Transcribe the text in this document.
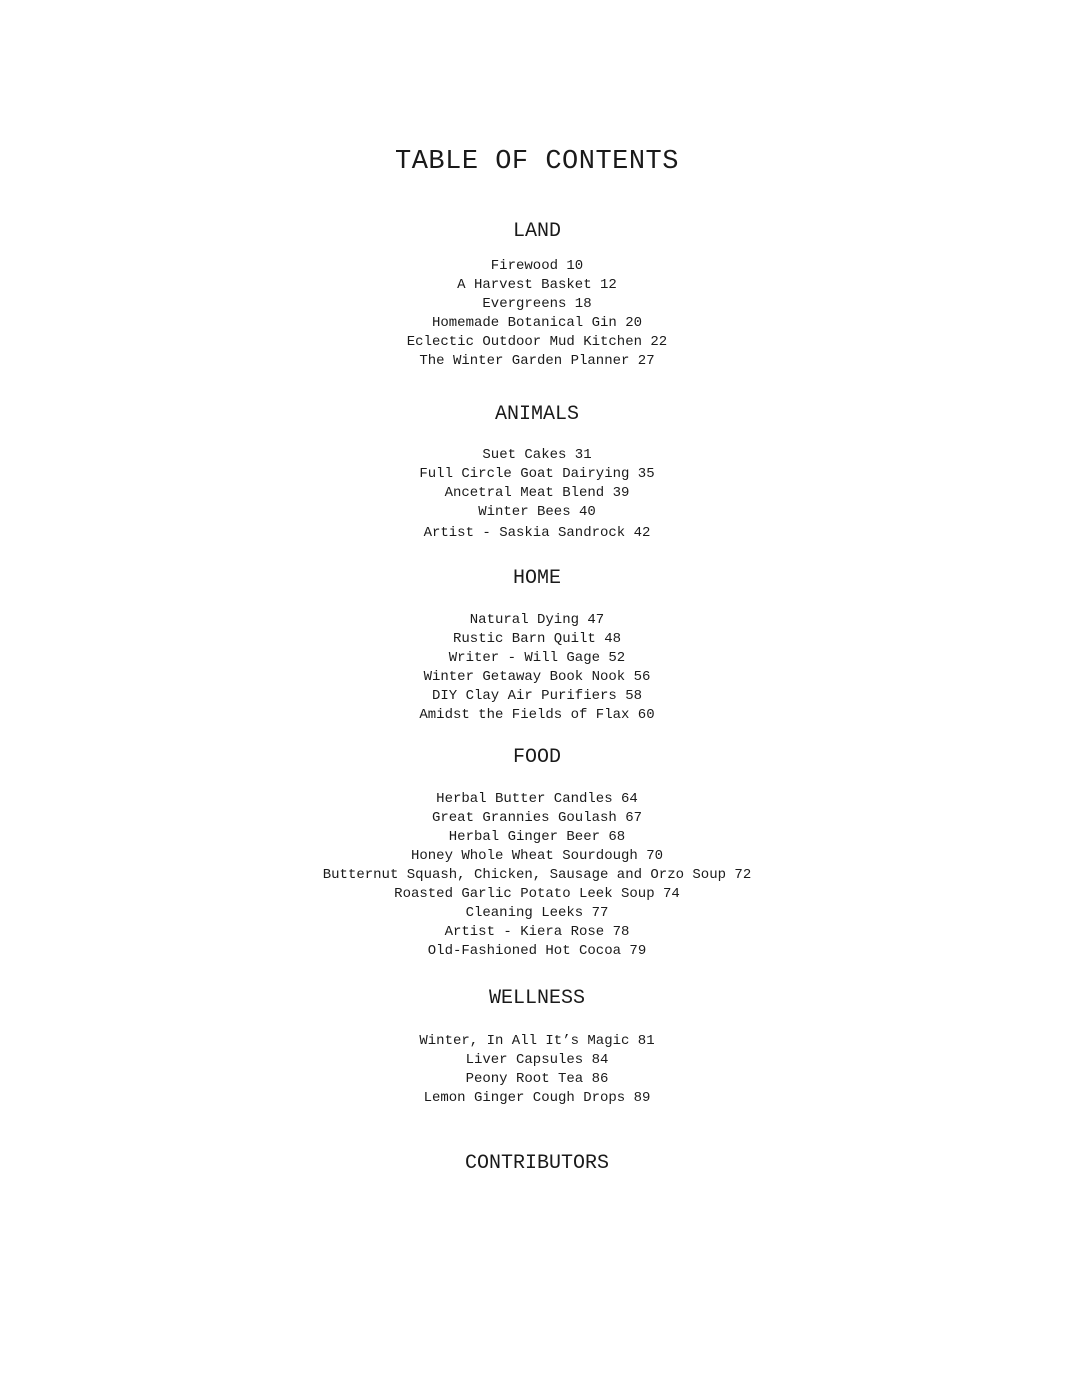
TABLE OF CONTENTS
LAND
Firewood 10
A Harvest Basket 12
Evergreens 18
Homemade Botanical Gin 20
Eclectic Outdoor Mud Kitchen 22
The Winter Garden Planner 27
ANIMALS
Suet Cakes 31
Full Circle Goat Dairying 35
Ancetral Meat Blend 39
Winter Bees 40
Artist - Saskia Sandrock 42
HOME
Natural Dying 47
Rustic Barn Quilt 48
Writer - Will Gage 52
Winter Getaway Book Nook 56
DIY Clay Air Purifiers 58
Amidst the Fields of Flax 60
FOOD
Herbal Butter Candles 64
Great Grannies Goulash 67
Herbal Ginger Beer 68
Honey Whole Wheat Sourdough 70
Butternut Squash, Chicken, Sausage and Orzo Soup 72
Roasted Garlic Potato Leek Soup 74
Cleaning Leeks 77
Artist - Kiera Rose 78
Old-Fashioned Hot Cocoa 79
WELLNESS
Winter, In All It’s Magic 81
Liver Capsules 84
Peony Root Tea 86
Lemon Ginger Cough Drops 89
CONTRIBUTORS
